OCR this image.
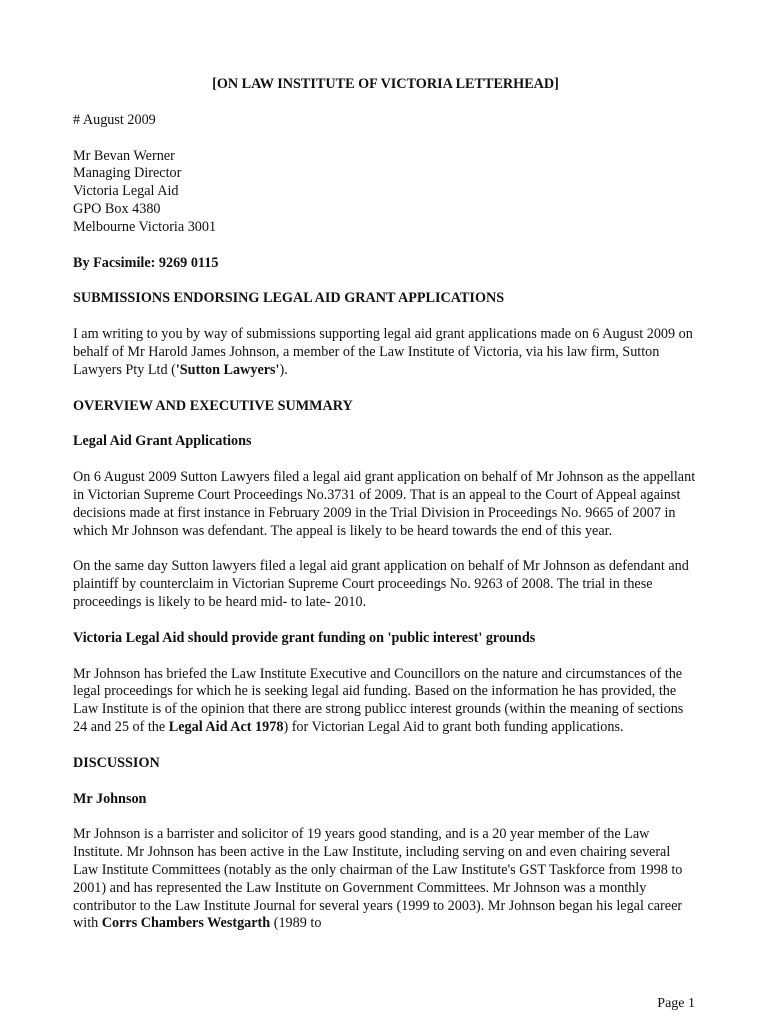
[ON LAW INSTITUTE OF VICTORIA LETTERHEAD]
# August 2009
Mr Bevan Werner
Managing Director
Victoria Legal Aid
GPO Box 4380
Melbourne Victoria 3001
By Facsimile: 9269 0115
SUBMISSIONS ENDORSING LEGAL AID GRANT APPLICATIONS

I am writing to you by way of submissions supporting legal aid grant applications made on 6 August 2009 on behalf of Mr Harold James Johnson, a member of the Law Institute of Victoria, via his law firm, Sutton Lawyers Pty Ltd ('Sutton Lawyers').

OVERVIEW AND EXECUTIVE SUMMARY
Legal Aid Grant Applications

On 6 August 2009 Sutton Lawyers filed a legal aid grant application on behalf of Mr Johnson as the appellant in Victorian Supreme Court Proceedings No.3731 of 2009. That is an appeal to the Court of Appeal against decisions made at first instance in February 2009 in the Trial Division in Proceedings No. 9665 of 2007 in which Mr Johnson was defendant. The appeal is likely to be heard towards the end of this year.

On the same day Sutton lawyers filed a legal aid grant application on behalf of Mr Johnson as defendant and plaintiff by counterclaim in Victorian Supreme Court proceedings No. 9263 of 2008. The trial in these proceedings is likely to be heard mid- to late- 2010.

Victoria Legal Aid should provide grant funding on 'public interest' grounds

Mr Johnson has briefed the Law Institute Executive and Councillors on the nature and circumstances of the legal proceedings for which he is seeking legal aid funding. Based on the information he has provided, the Law Institute is of the opinion that there are strong publicc interest grounds (within the meaning of sections 24 and 25 of the Legal Aid Act 1978) for Victorian Legal Aid to grant both funding applications.

DISCUSSION
Mr Johnson

Mr Johnson is a barrister and solicitor of 19 years good standing, and is a 20 year member of the Law Institute. Mr Johnson has been active in the Law Institute, including serving on and even chairing several Law Institute Committees (notably as the only chairman of the Law Institute's GST Taskforce from 1998 to 2001) and has represented the Law Institute on Government Committees. Mr Johnson was a monthly contributor to the Law Institute Journal for several years (1999 to 2003). Mr Johnson began his legal career with Corrs Chambers Westgarth (1989 to

Page 1
